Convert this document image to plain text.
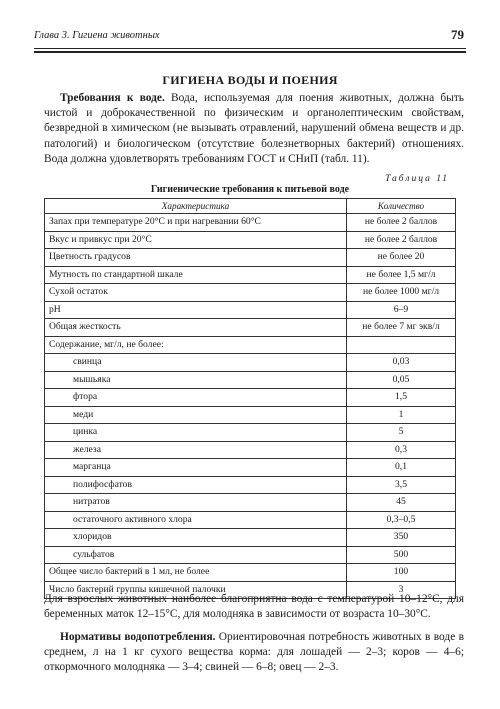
Глава 3. Гигиена животных	79
ГИГИЕНА ВОДЫ И ПОЕНИЯ

Требования к воде. Вода, используемая для поения животных, должна быть чистой и доброкачественной по физическим и органолептическим свойствам, безвредной в химическом (не вызывать отравлений, нарушений обмена веществ и др. патологий) и биологическом (отсутствие болезнетворных бактерий) отношениях. Вода должна удовлетворять требованиям ГОСТ и СНиП (табл. 11).

Таблица 11
Гигиенические требования к питьевой воде
Характеристика	Количество
Запах при температуре 20°С и при нагревании 60°С	не более 2 баллов
Вкус и привкус при 20°С	не более 2 баллов
Цветность градусов	не более 20
Мутность по стандартной шкале	не более 1,5 мг/л
Сухой остаток	не более 1000 мг/л
pH	6–9
Общая жесткость	не более 7 мг экв/л
Содержание, мг/л, не более:	
свинца	0,03
мышьяка	0,05
фтора	1,5
меди	1
цинка	5
железа	0,3
марганца	0,1
полифосфатов	3,5
нитратов	45
остаточного активного хлора	0,3–0,5
хлоридов	350
сульфатов	500
Общее число бактерий в 1 мл, не более	100
Число бактерий группы кишечной палочки	3

Для взрослых животных наиболее благоприятна вода с температурой 10–12°С, для беременных маток 12–15°С, для молодняка в зависимости от возраста 10–30°С.

Нормативы водопотребления. Ориентировочная потребность животных в воде в среднем, л на 1 кг сухого вещества корма: для лошадей — 2–3; коров — 4–6; откормочного молодняка — 3–4; свиней — 6–8; овец — 2–3.
